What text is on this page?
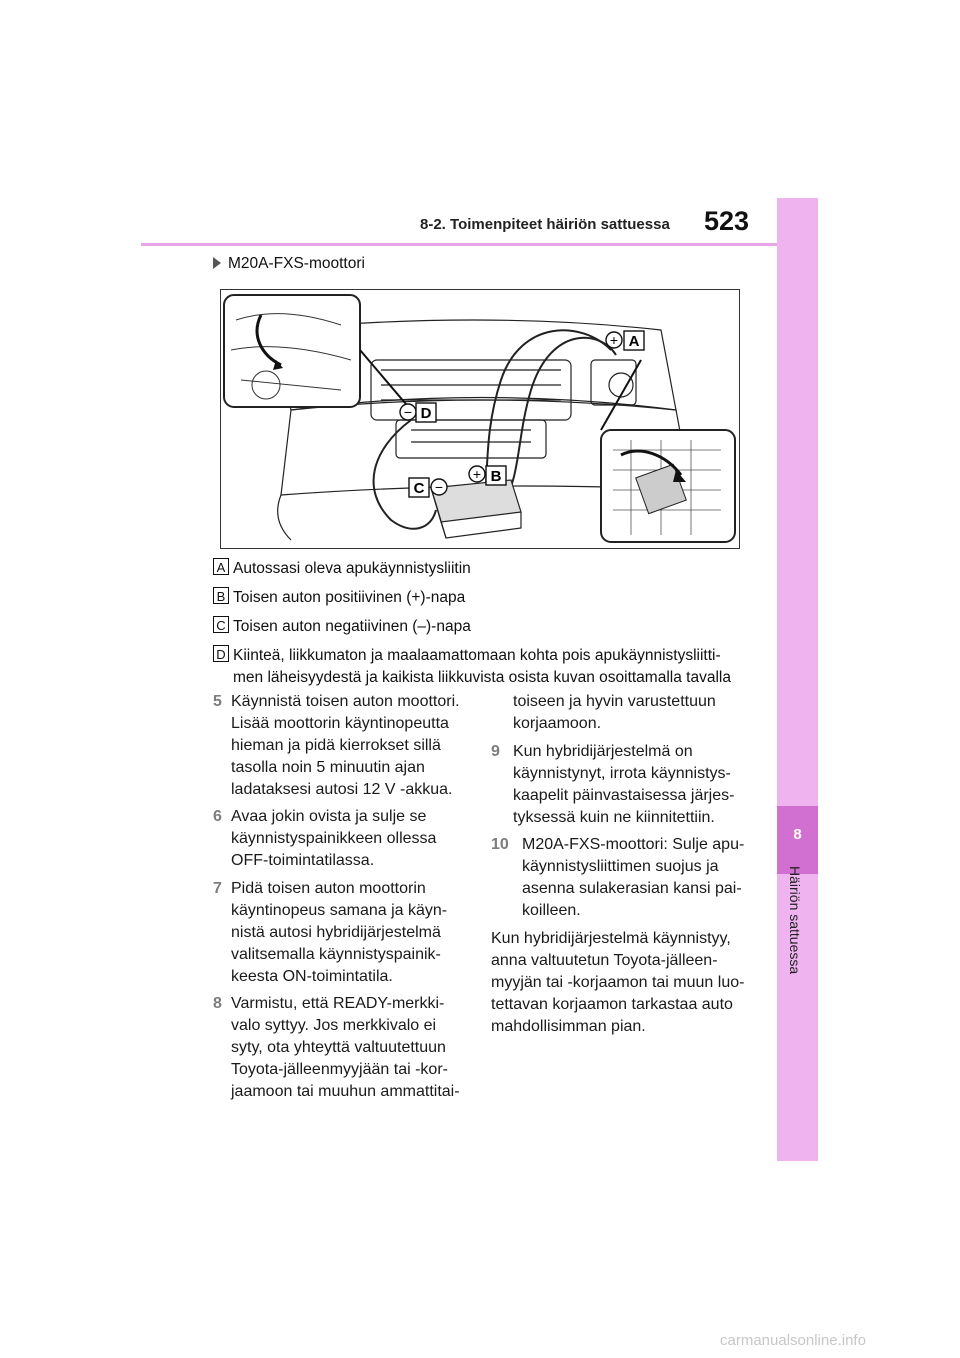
8-2. Toimenpiteet häiriön sattuessa 523
8
Häiriön sattuessa
M20A-FXS-moottori
+ A
− D
+ B
C −
A Autossasi oleva apukäynnistysliitin
B Toisen auton positiivinen (+)-napa
C Toisen auton negatiivinen (–)-napa
D Kiinteä, liikkumaton ja maalaamattomaan kohta pois apukäynnistysliitti-
men läheisyydestä ja kaikista liikkuvista osista kuvan osoittamalla tavalla
5 Käynnistä toisen auton moottori.
Lisää moottorin käyntinopeutta
hieman ja pidä kierrokset sillä
tasolla noin 5 minuutin ajan
ladataksesi autosi 12 V -akkua.
6 Avaa jokin ovista ja sulje se
käynnistyspainikkeen ollessa
OFF-toimintatilassa.
7 Pidä toisen auton moottorin
käyntinopeus samana ja käyn-
nistä autosi hybridijärjestelmä
valitsemalla käynnistyspainik-
keesta ON-toimintatila.
8 Varmistu, että READY-merkki-
valo syttyy. Jos merkkivalo ei
syty, ota yhteyttä valtuutettuun
Toyota-jälleenmyyjään tai -kor-
jaamoon tai muuhun ammattitai-
toiseen ja hyvin varustettuun
korjaamoon.
9 Kun hybridijärjestelmä on
käynnistynyt, irrota käynnistys-
kaapelit päinvastaisessa järjes-
tyksessä kuin ne kiinnitettiin.
10 M20A-FXS-moottori: Sulje apu-
käynnistysliittimen suojus ja
asenna sulakerasian kansi pai-
koilleen.
Kun hybridijärjestelmä käynnistyy,
anna valtuutetun Toyota-jälleen-
myyjän tai -korjaamon tai muun luo-
tettavan korjaamon tarkastaa auto
mahdollisimman pian.
carmanualsonline.info
